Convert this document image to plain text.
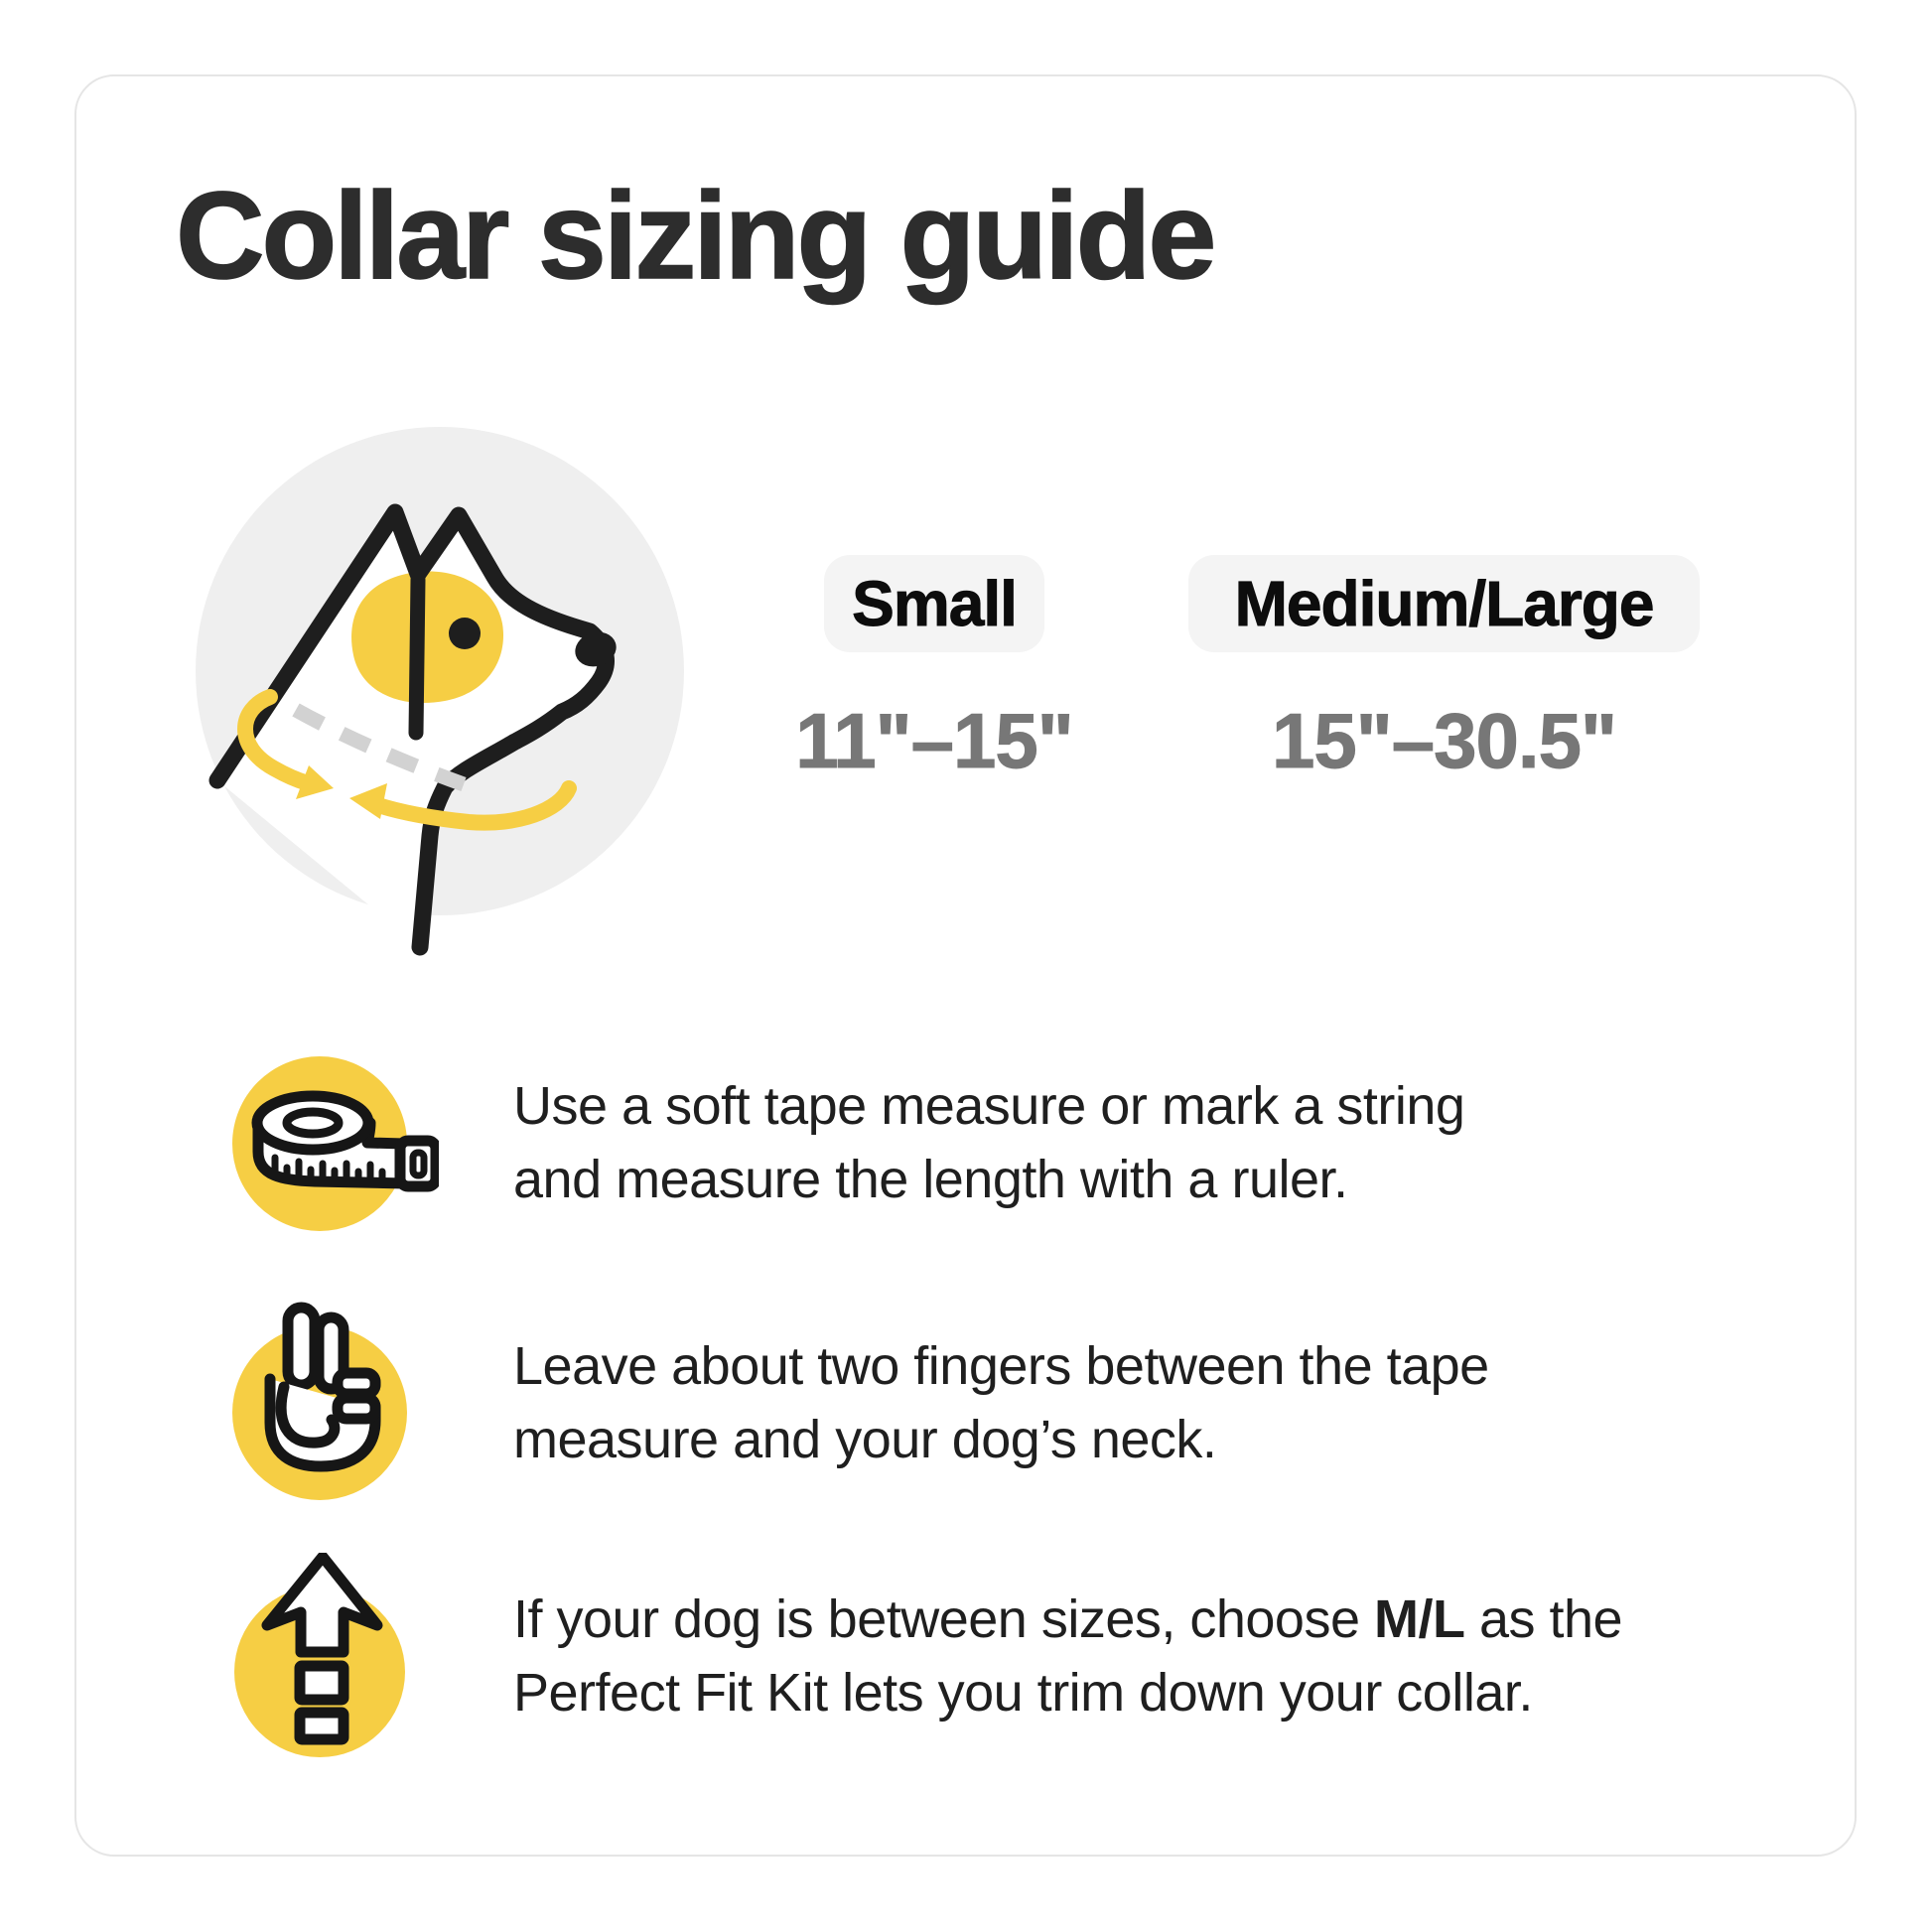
Collar sizing guide
Small
11"–15"
Medium/Large
15"–30.5"
Use a soft tape measure or mark a string
and measure the length with a ruler.
Leave about two fingers between the tape
measure and your dog’s neck.
If your dog is between sizes, choose M/L as the
Perfect Fit Kit lets you trim down your collar.
